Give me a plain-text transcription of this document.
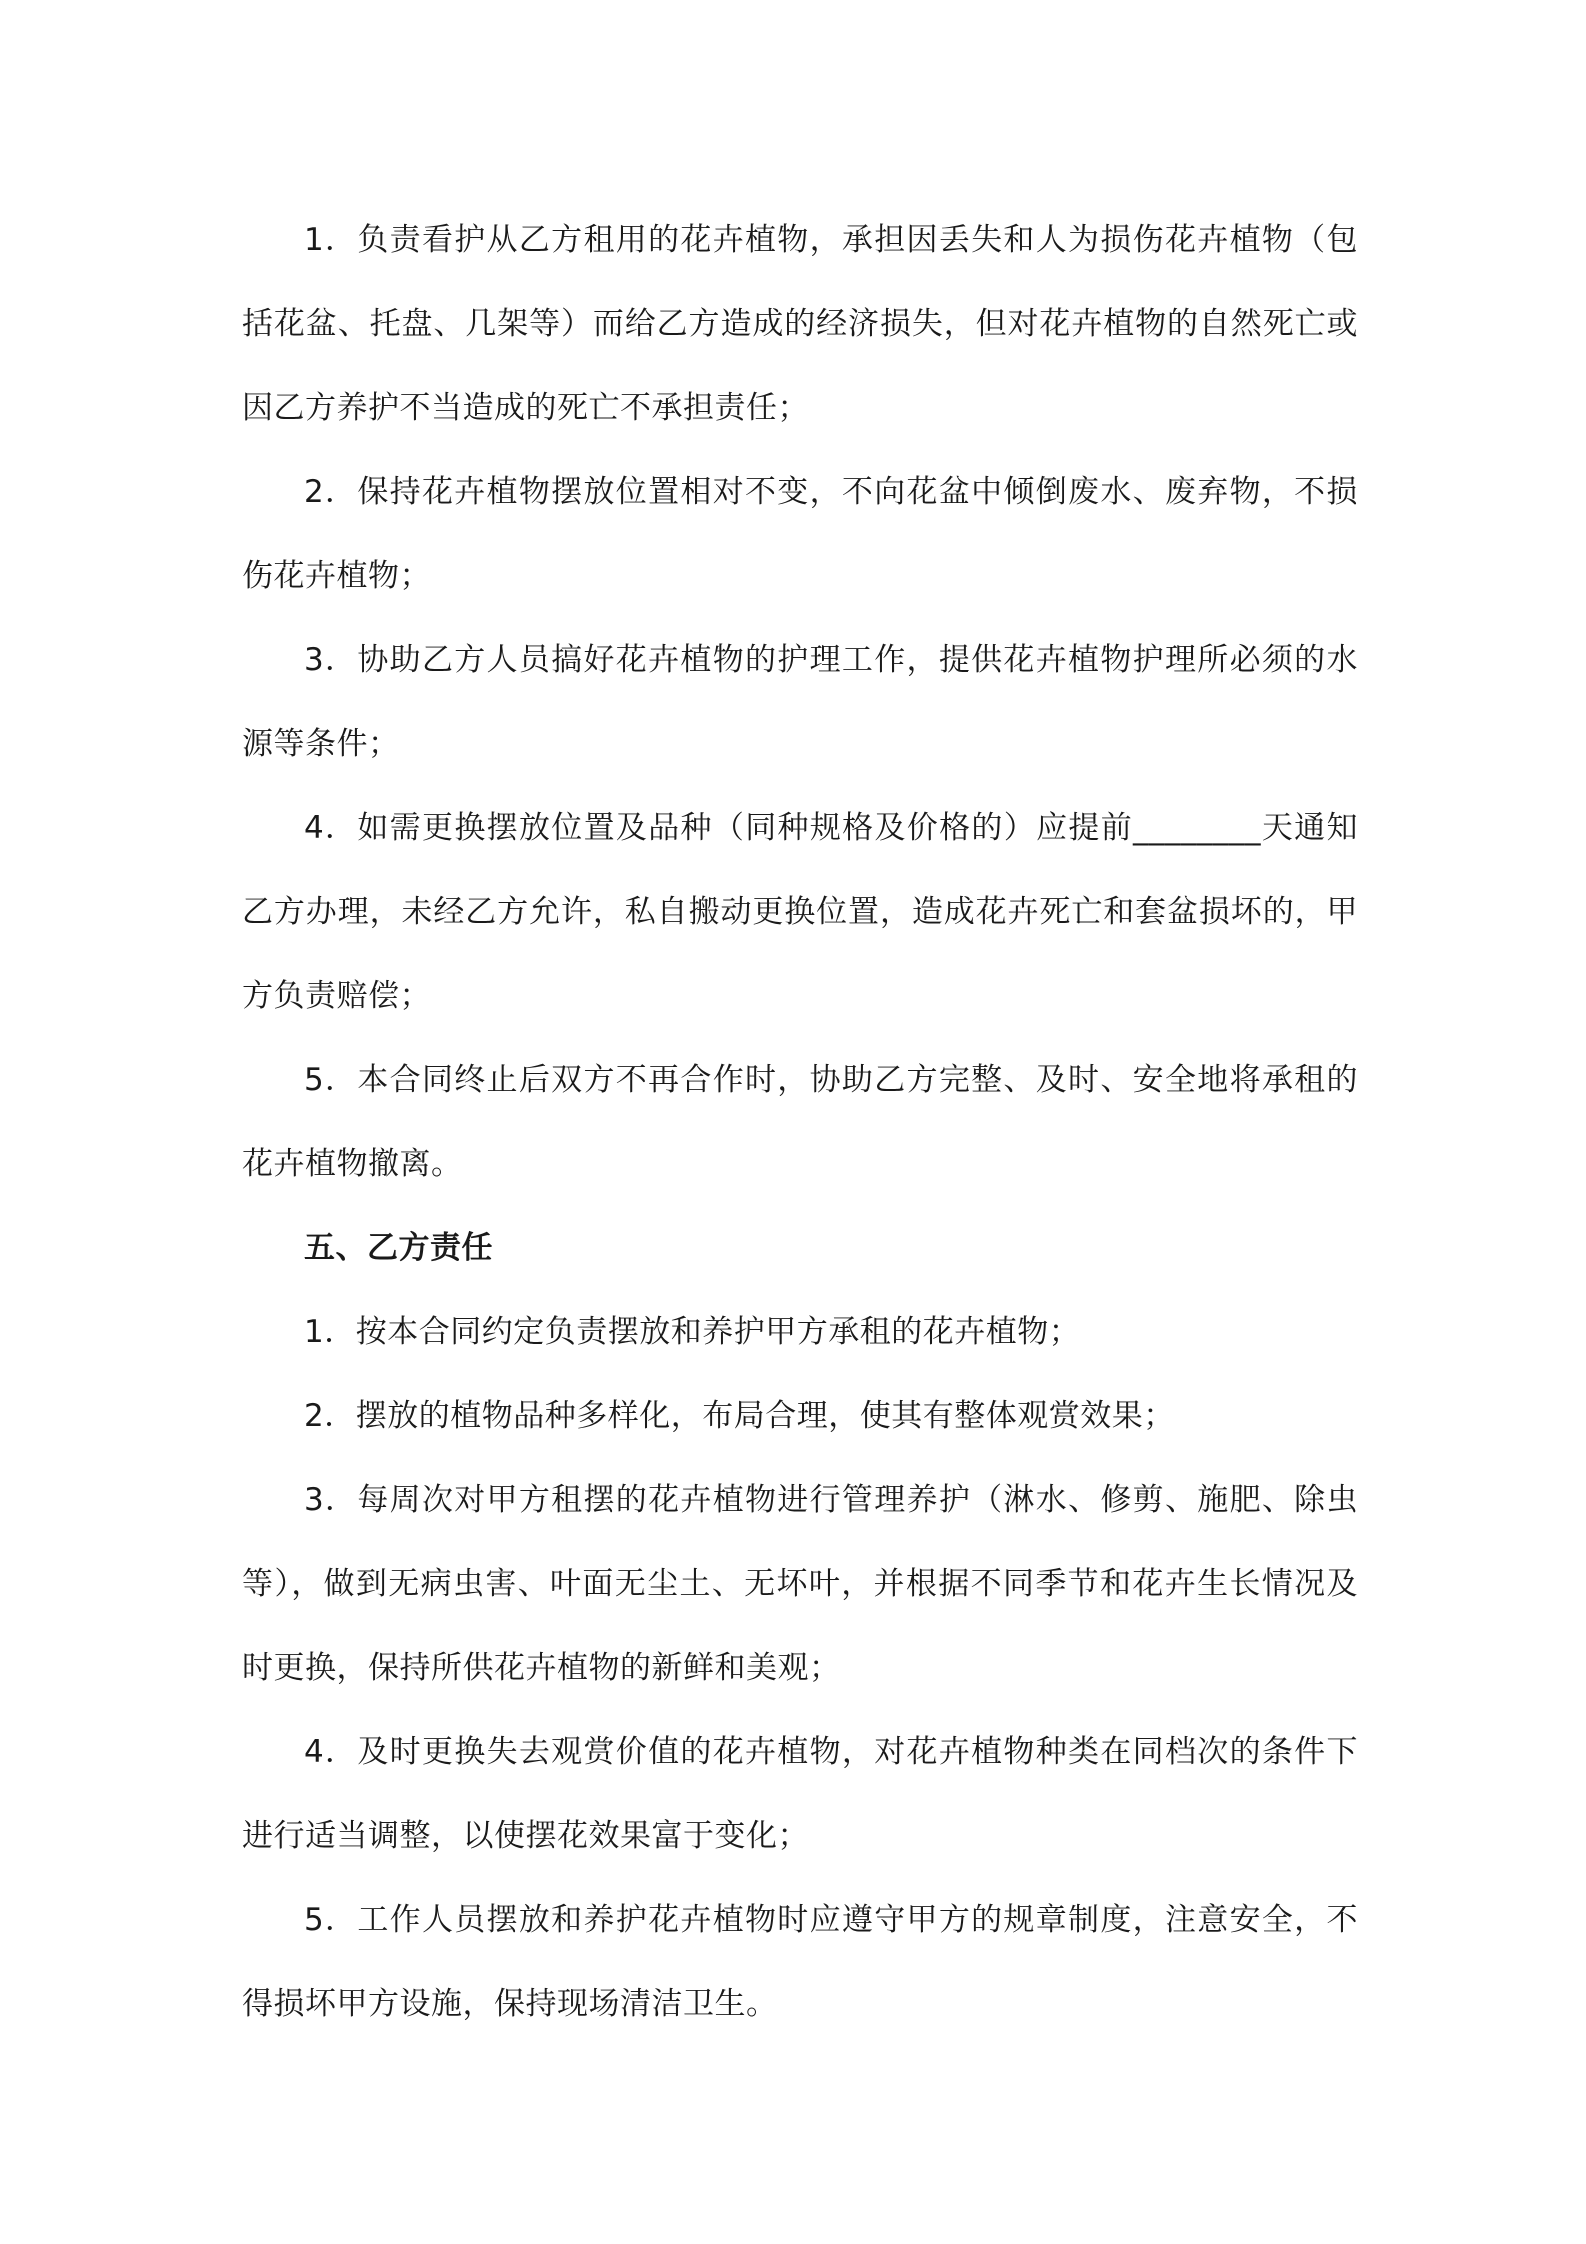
1．负责看护从乙方租用的花卉植物，承担因丢失和人为损伤花卉植物（包括花盆、托盘、几架等）而给乙方造成的经济损失，但对花卉植物的自然死亡或因乙方养护不当造成的死亡不承担责任；

2．保持花卉植物摆放位置相对不变，不向花盆中倾倒废水、废弃物，不损伤花卉植物；

3．协助乙方人员搞好花卉植物的护理工作，提供花卉植物护理所必须的水源等条件；

4．如需更换摆放位置及品种（同种规格及价格的）应提前________天通知乙方办理，未经乙方允许，私自搬动更换位置，造成花卉死亡和套盆损坏的，甲方负责赔偿；

5．本合同终止后双方不再合作时，协助乙方完整、及时、安全地将承租的花卉植物撤离。

五、乙方责任

1．按本合同约定负责摆放和养护甲方承租的花卉植物；

2．摆放的植物品种多样化，布局合理，使其有整体观赏效果；

3．每周次对甲方租摆的花卉植物进行管理养护（淋水、修剪、施肥、除虫等），做到无病虫害、叶面无尘土、无坏叶，并根据不同季节和花卉生长情况及时更换，保持所供花卉植物的新鲜和美观；

4．及时更换失去观赏价值的花卉植物，对花卉植物种类在同档次的条件下进行适当调整，以使摆花效果富于变化；

5．工作人员摆放和养护花卉植物时应遵守甲方的规章制度，注意安全，不得损坏甲方设施，保持现场清洁卫生。
